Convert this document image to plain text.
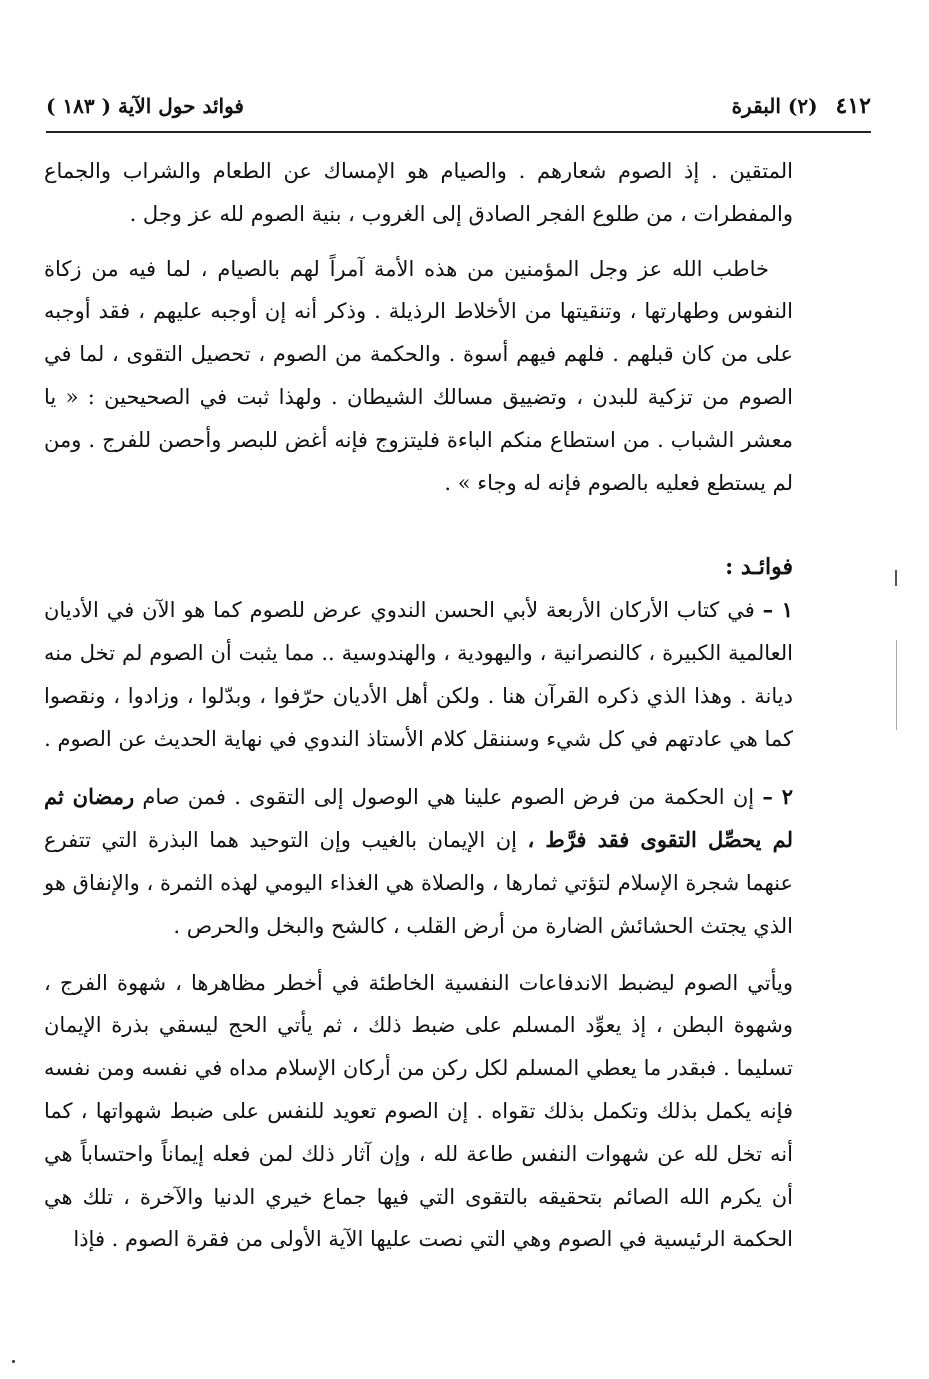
٤١٢
(٢) البقرة
فوائد حول الآية ( ١٨٣ )

المتقين . إذ الصوم شعارهم . والصيام هو الإمساك عن الطعام والشراب والجماع والمفطرات ، من طلوع الفجر الصادق إلى الغروب ، بنية الصوم لله عز وجل .

خاطب الله عز وجل المؤمنين من هذه الأمة آمراً لهم بالصيام ، لما فيه من زكاة النفوس وطهارتها ، وتنقيتها من الأخلاط الرذيلة . وذكر أنه إن أوجبه عليهم ، فقد أوجبه على من كان قبلهم . فلهم فيهم أسوة . والحكمة من الصوم ، تحصيل التقوى ، لما في الصوم من تزكية للبدن ، وتضييق مسالك الشيطان . ولهذا ثبت في الصحيحين : « يا معشر الشباب . من استطاع منكم الباءة فليتزوج فإنه أغض للبصر وأحصن للفرج . ومن لم يستطع فعليه بالصوم فإنه له وجاء » .

فوائـد :

١ – في كتاب الأركان الأربعة لأبي الحسن الندوي عرض للصوم كما هو الآن في الأديان العالمية الكبيرة ، كالنصرانية ، واليهودية ، والهندوسية .. مما يثبت أن الصوم لم تخل منه ديانة . وهذا الذي ذكره القرآن هنا . ولكن أهل الأديان حرّفوا ، وبدّلوا ، وزادوا ، ونقصوا كما هي عادتهم في كل شيء وسننقل كلام الأستاذ الندوي في نهاية الحديث عن الصوم .

٢ – إن الحكمة من فرض الصوم علينا هي الوصول إلى التقوى . فمن صام رمضان ثم لم يحصِّل التقوى فقد فرَّط ، إن الإيمان بالغيب وإن التوحيد هما البذرة التي تتفرع عنهما شجرة الإسلام لتؤتي ثمارها ، والصلاة هي الغذاء اليومي لهذه الثمرة ، والإنفاق هو الذي يجتث الحشائش الضارة من أرض القلب ، كالشح والبخل والحرص .

ويأتي الصوم ليضبط الاندفاعات النفسية الخاطئة في أخطر مظاهرها ، شهوة الفرج ، وشهوة البطن ، إذ يعوِّد المسلم على ضبط ذلك ، ثم يأتي الحج ليسقي بذرة الإيمان تسليما . فبقدر ما يعطي المسلم لكل ركن من أركان الإسلام مداه في نفسه ومن نفسه فإنه يكمل بذلك وتكمل بذلك تقواه . إن الصوم تعويد للنفس على ضبط شهواتها ، كما أنه تخل لله عن شهوات النفس طاعة لله ، وإن آثار ذلك لمن فعله إيماناً واحتساباً هي أن يكرم الله الصائم بتحقيقه بالتقوى التي فيها جماع خيري الدنيا والآخرة ، تلك هي الحكمة الرئيسية في الصوم وهي التي نصت عليها الآية الأولى من فقرة الصوم . فإذا
